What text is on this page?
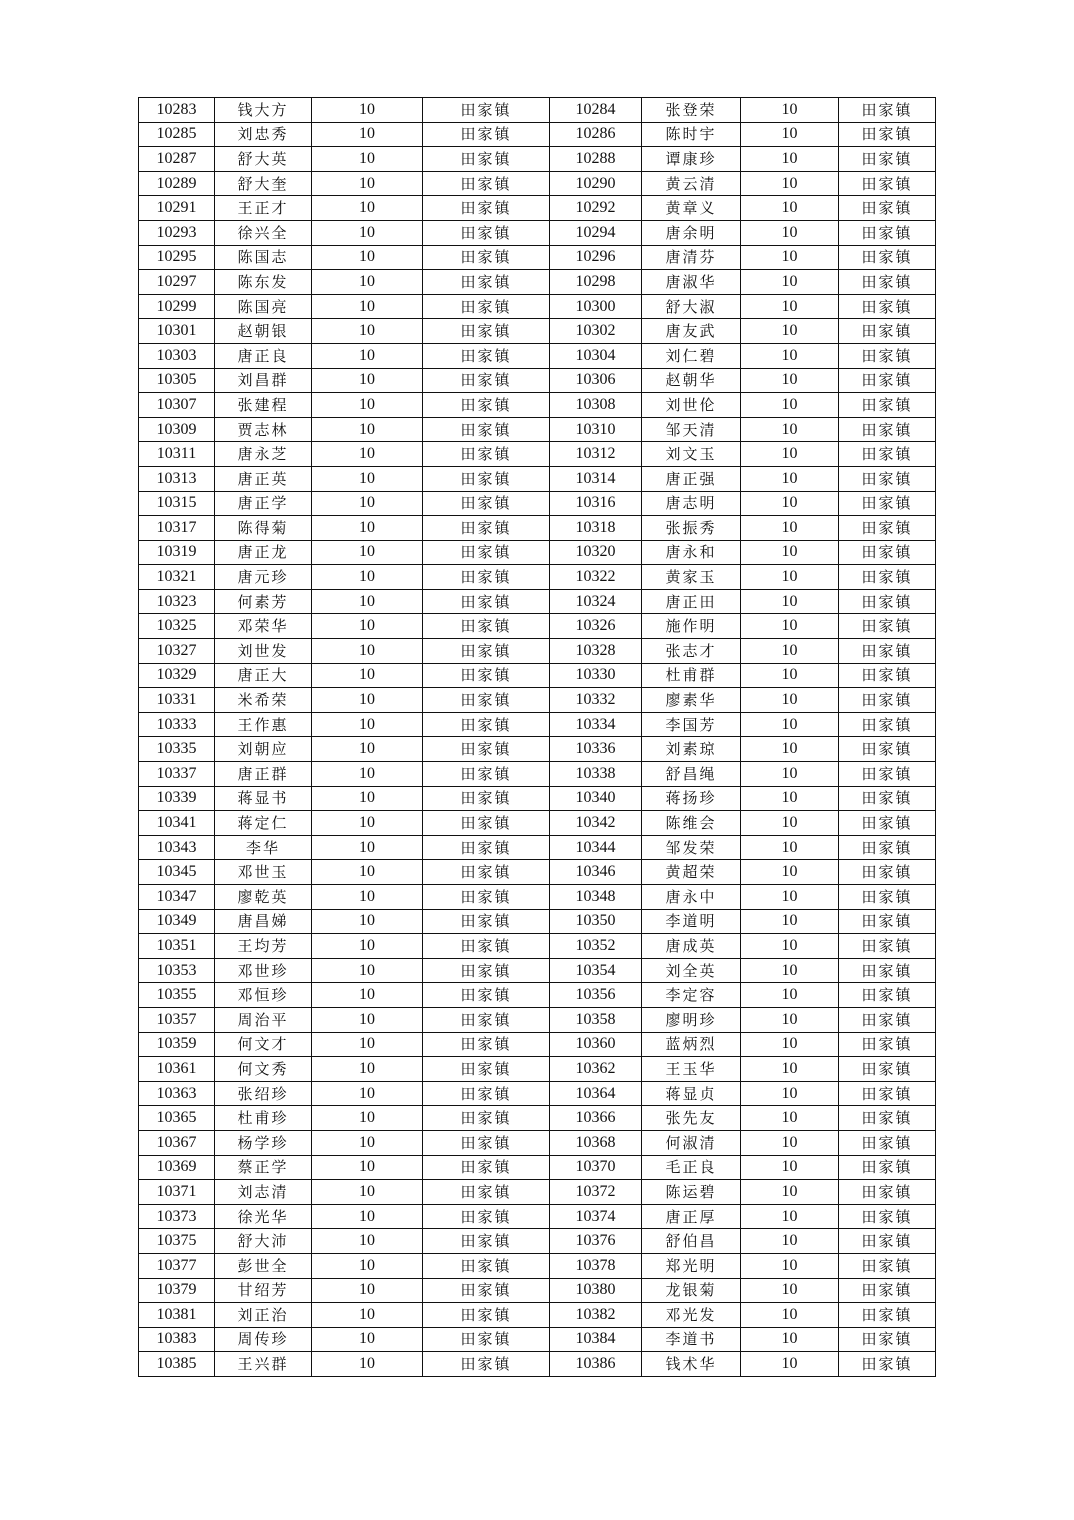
10283	钱大方	10	田家镇	10284	张登荣	10	田家镇
10285	刘忠秀	10	田家镇	10286	陈时宇	10	田家镇
10287	舒大英	10	田家镇	10288	谭康珍	10	田家镇
10289	舒大奎	10	田家镇	10290	黄云清	10	田家镇
10291	王正才	10	田家镇	10292	黄章义	10	田家镇
10293	徐兴全	10	田家镇	10294	唐余明	10	田家镇
10295	陈国志	10	田家镇	10296	唐清芬	10	田家镇
10297	陈东发	10	田家镇	10298	唐淑华	10	田家镇
10299	陈国亮	10	田家镇	10300	舒大淑	10	田家镇
10301	赵朝银	10	田家镇	10302	唐友武	10	田家镇
10303	唐正良	10	田家镇	10304	刘仁碧	10	田家镇
10305	刘昌群	10	田家镇	10306	赵朝华	10	田家镇
10307	张建程	10	田家镇	10308	刘世伦	10	田家镇
10309	贾志林	10	田家镇	10310	邹天清	10	田家镇
10311	唐永芝	10	田家镇	10312	刘文玉	10	田家镇
10313	唐正英	10	田家镇	10314	唐正强	10	田家镇
10315	唐正学	10	田家镇	10316	唐志明	10	田家镇
10317	陈得菊	10	田家镇	10318	张振秀	10	田家镇
10319	唐正龙	10	田家镇	10320	唐永和	10	田家镇
10321	唐元珍	10	田家镇	10322	黄家玉	10	田家镇
10323	何素芳	10	田家镇	10324	唐正田	10	田家镇
10325	邓荣华	10	田家镇	10326	施作明	10	田家镇
10327	刘世发	10	田家镇	10328	张志才	10	田家镇
10329	唐正大	10	田家镇	10330	杜甫群	10	田家镇
10331	米希荣	10	田家镇	10332	廖素华	10	田家镇
10333	王作惠	10	田家镇	10334	李国芳	10	田家镇
10335	刘朝应	10	田家镇	10336	刘素琼	10	田家镇
10337	唐正群	10	田家镇	10338	舒昌绳	10	田家镇
10339	蒋显书	10	田家镇	10340	蒋扬珍	10	田家镇
10341	蒋定仁	10	田家镇	10342	陈维会	10	田家镇
10343	李华	10	田家镇	10344	邹发荣	10	田家镇
10345	邓世玉	10	田家镇	10346	黄超荣	10	田家镇
10347	廖乾英	10	田家镇	10348	唐永中	10	田家镇
10349	唐昌娣	10	田家镇	10350	李道明	10	田家镇
10351	王均芳	10	田家镇	10352	唐成英	10	田家镇
10353	邓世珍	10	田家镇	10354	刘全英	10	田家镇
10355	邓恒珍	10	田家镇	10356	李定容	10	田家镇
10357	周治平	10	田家镇	10358	廖明珍	10	田家镇
10359	何文才	10	田家镇	10360	蓝炳烈	10	田家镇
10361	何文秀	10	田家镇	10362	王玉华	10	田家镇
10363	张绍珍	10	田家镇	10364	蒋显贞	10	田家镇
10365	杜甫珍	10	田家镇	10366	张先友	10	田家镇
10367	杨学珍	10	田家镇	10368	何淑清	10	田家镇
10369	蔡正学	10	田家镇	10370	毛正良	10	田家镇
10371	刘志清	10	田家镇	10372	陈运碧	10	田家镇
10373	徐光华	10	田家镇	10374	唐正厚	10	田家镇
10375	舒大沛	10	田家镇	10376	舒伯昌	10	田家镇
10377	彭世全	10	田家镇	10378	郑光明	10	田家镇
10379	甘绍芳	10	田家镇	10380	龙银菊	10	田家镇
10381	刘正治	10	田家镇	10382	邓光发	10	田家镇
10383	周传珍	10	田家镇	10384	李道书	10	田家镇
10385	王兴群	10	田家镇	10386	钱术华	10	田家镇
